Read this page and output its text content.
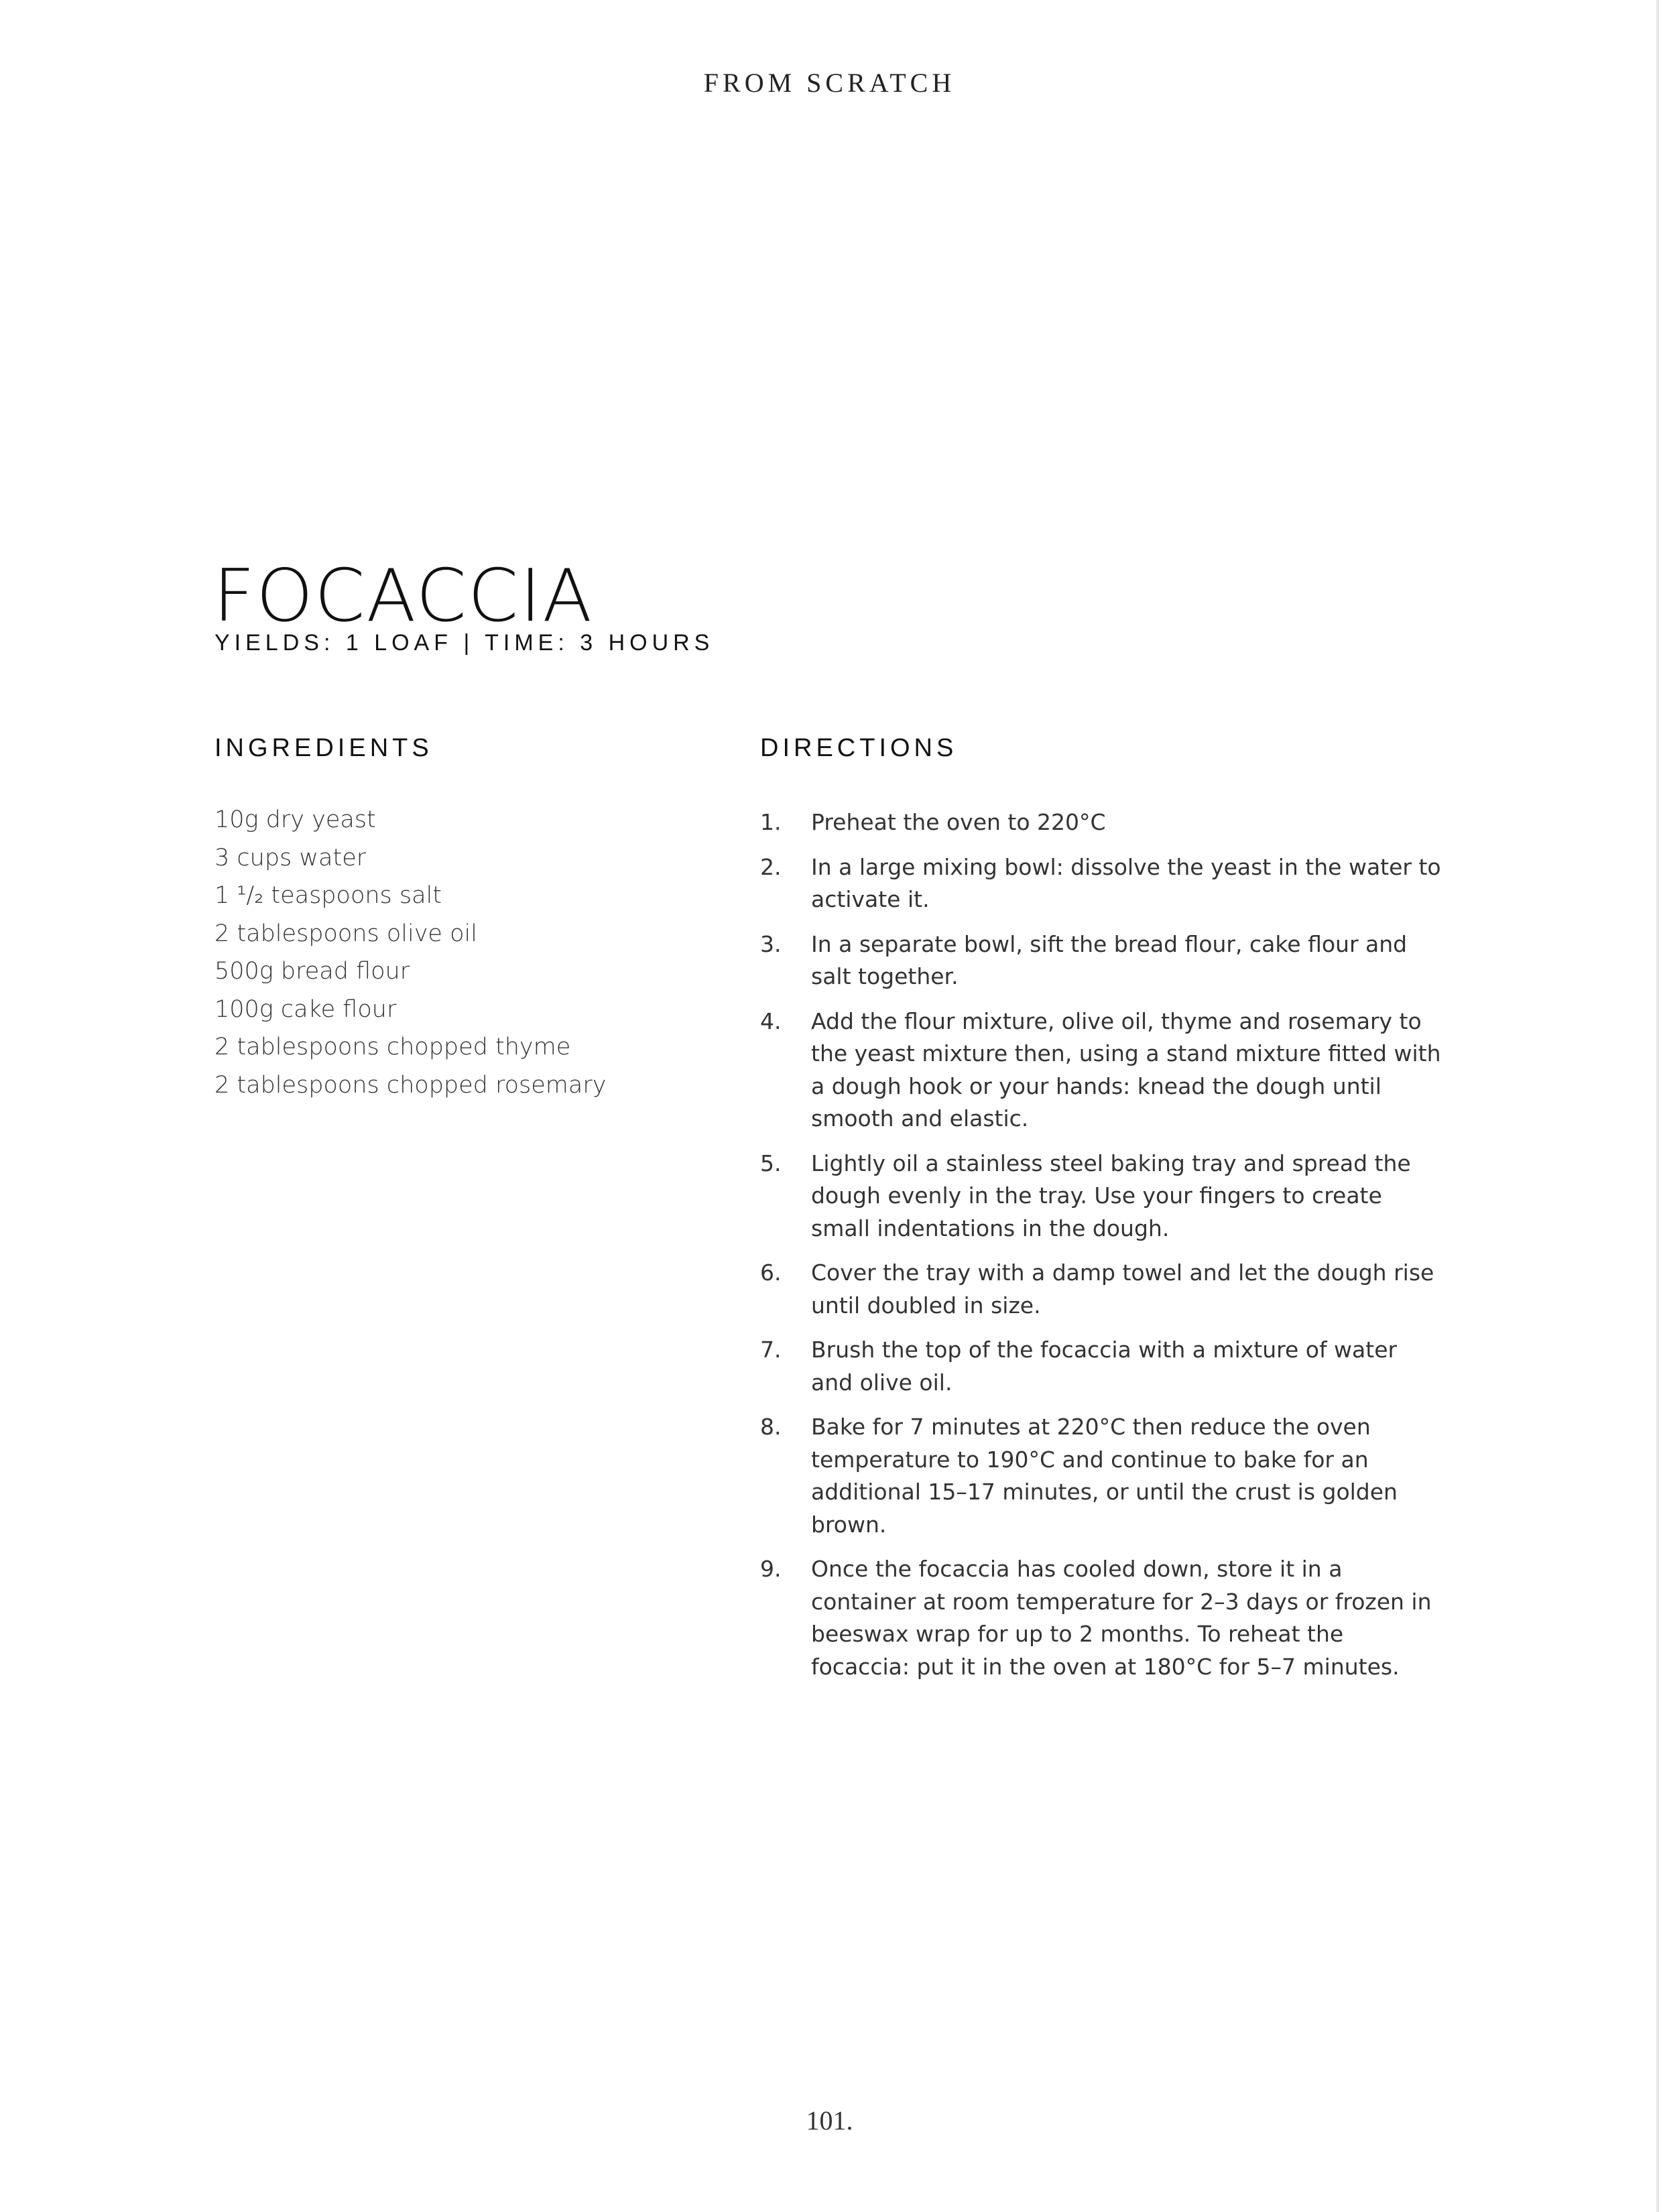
FROM SCRATCH
FOCACCIA
YIELDS: 1 LOAF | TIME: 3 HOURS
INGREDIENTS
10g dry yeast
3 cups water
1 ¹/₂ teaspoons salt
2 tablespoons olive oil
500g bread flour
100g cake flour
2 tablespoons chopped thyme
2 tablespoons chopped rosemary
DIRECTIONS
1.	Preheat the oven to 220°C
2.	In a large mixing bowl: dissolve the yeast in the water to activate it.
3.	In a separate bowl, sift the bread flour, cake flour and salt together.
4.	Add the flour mixture, olive oil, thyme and rosemary to the yeast mixture then, using a stand mixture fitted with a dough hook or your hands: knead the dough until smooth and elastic.
5.	Lightly oil a stainless steel baking tray and spread the dough evenly in the tray. Use your fingers to create small indentations in the dough.
6.	Cover the tray with a damp towel and let the dough rise until doubled in size.
7.	Brush the top of the focaccia with a mixture of water and olive oil.
8.	Bake for 7 minutes at 220°C then reduce the oven temperature to 190°C and continue to bake for an additional 15–17 minutes, or until the crust is golden brown.
9.	Once the focaccia has cooled down, store it in a container at room temperature for 2–3 days or frozen in beeswax wrap for up to 2 months. To reheat the focaccia: put it in the oven at 180°C for 5–7 minutes.
101.
